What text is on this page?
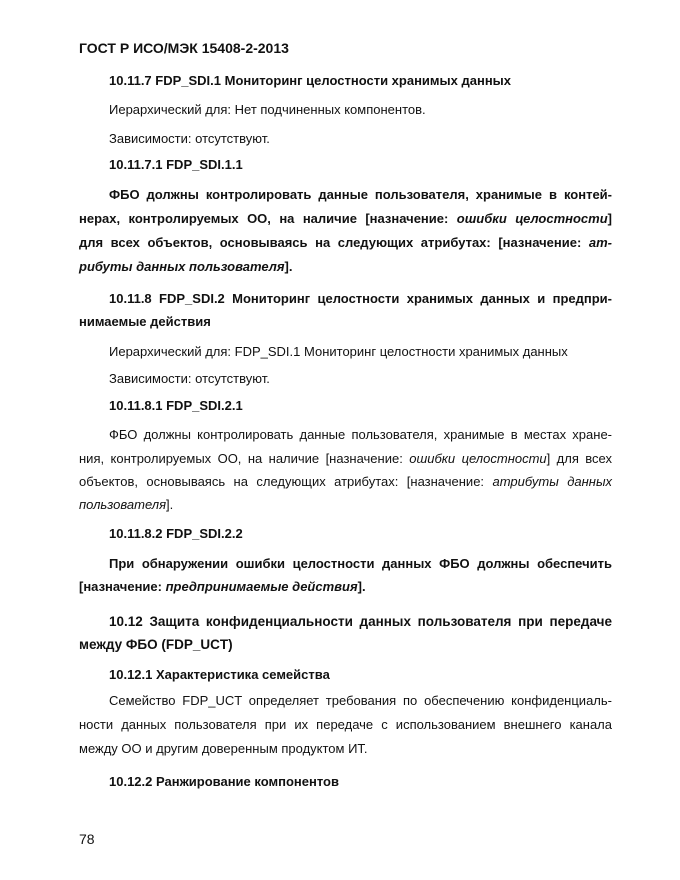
ГОСТ Р ИСО/МЭК 15408-2-2013
10.11.7 FDP_SDI.1 Мониторинг целостности хранимых данных
Иерархический для: Нет подчиненных компонентов.
Зависимости: отсутствуют.
10.11.7.1 FDP_SDI.1.1
ФБО должны контролировать данные пользователя, хранимые в контей-
нерах, контролируемых ОО, на наличие [назначение: ошибки целостности]
для всех объектов, основываясь на следующих атрибутах: [назначение: ат-
рибуты данных пользователя].
10.11.8 FDP_SDI.2 Мониторинг целостности хранимых данных и предпри-
нимаемые действия
Иерархический для: FDP_SDI.1 Мониторинг целостности хранимых данных
Зависимости: отсутствуют.
10.11.8.1 FDP_SDI.2.1
ФБО должны контролировать данные пользователя, хранимые в местах хране-
ния, контролируемых ОО, на наличие [назначение: ошибки целостности] для всех
объектов, основываясь на следующих атрибутах: [назначение: атрибуты данных
пользователя].
10.11.8.2 FDP_SDI.2.2
При обнаружении ошибки целостности данных ФБО должны обеспечить
[назначение: предпринимаемые действия].
10.12 Защита конфиденциальности данных пользователя при передаче
между ФБО (FDP_UCT)
10.12.1 Характеристика семейства
Семейство FDP_UCT определяет требования по обеспечению конфиденциаль-
ности данных пользователя при их передаче с использованием внешнего канала
между ОО и другим доверенным продуктом ИТ.
10.12.2 Ранжирование компонентов
78
